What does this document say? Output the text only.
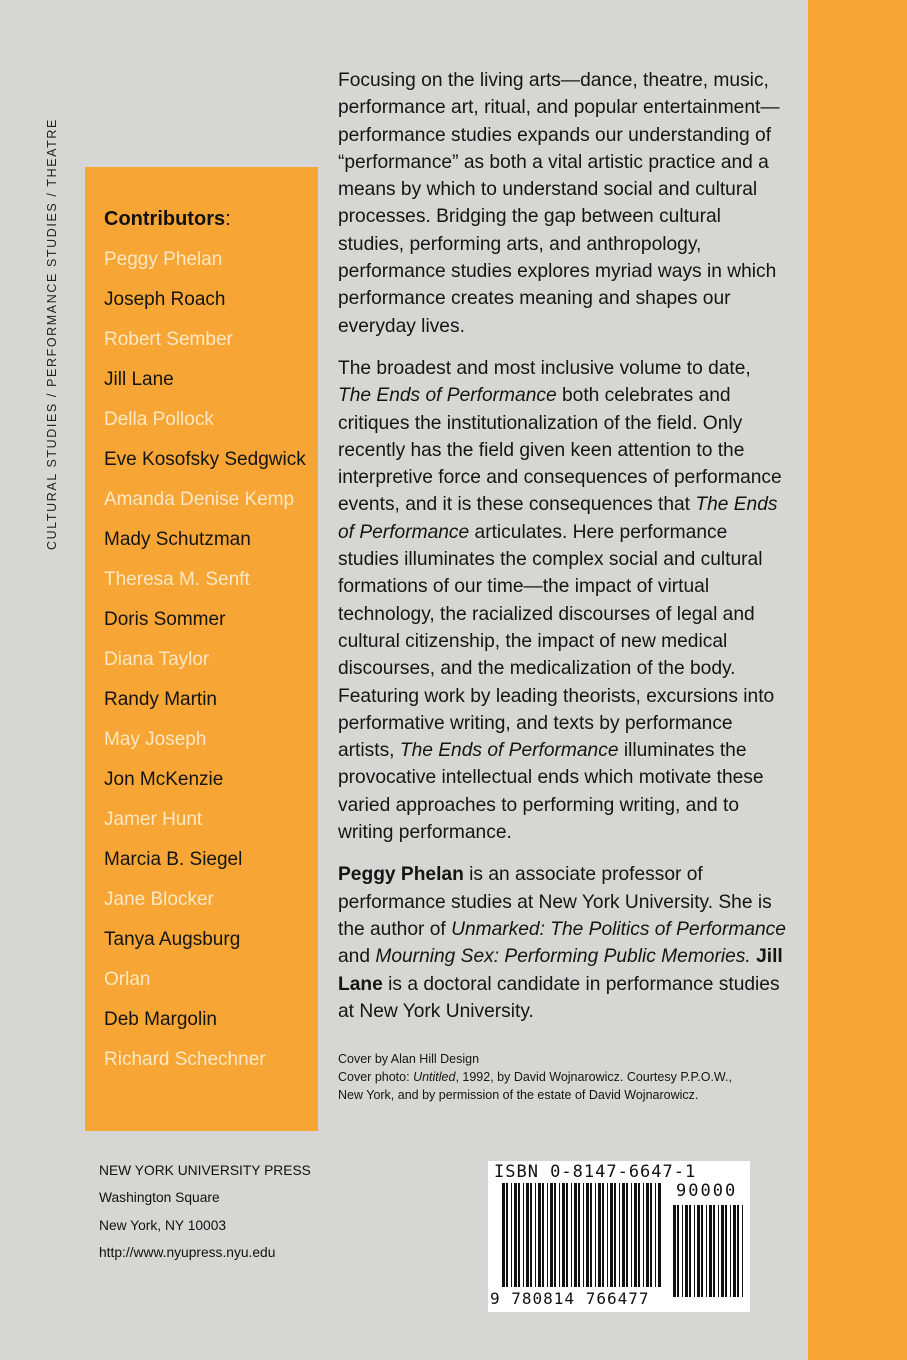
CULTURAL STUDIES / PERFORMANCE STUDIES / THEATRE Contributors:
Peggy Phelan
Joseph Roach
Robert Sember
Jill Lane
Della Pollock
Eve Kosofsky Sedgwick
Amanda Denise Kemp
Mady Schutzman
Theresa M. Senft
Doris Sommer
Diana Taylor
Randy Martin
May Joseph
Jon McKenzie
Jamer Hunt
Marcia B. Siegel
Jane Blocker
Tanya Augsburg
Orlan
Deb Margolin
Richard Schechner

Focusing on the living arts—dance, theatre, music, performance art, ritual, and popular entertainment—performance studies expands our understanding of “performance” as both a vital artistic practice and a means by which to understand social and cultural processes. Bridging the gap between cultural studies, performing arts, and anthropology, performance studies explores myriad ways in which performance creates meaning and shapes our everyday lives.

The broadest and most inclusive volume to date, The Ends of Performance both celebrates and critiques the institutionalization of the field. Only recently has the field given keen attention to the interpretive force and consequences of performance events, and it is these consequences that The Ends of Performance articulates. Here performance studies illuminates the complex social and cultural formations of our time—the impact of virtual technology, the racialized discourses of legal and cultural citizenship, the impact of new medical discourses, and the medicalization of the body. Featuring work by leading theorists, excursions into performative writing, and texts by performance artists, The Ends of Performance illuminates the provocative intellectual ends which motivate these varied approaches to performing writing, and to writing performance.

Peggy Phelan is an associate professor of performance studies at New York University. She is the author of Unmarked: The Politics of Performance and Mourning Sex: Performing Public Memories. Jill Lane is a doctoral candidate in performance studies at New York University.

Cover by Alan Hill Design
Cover photo: Untitled, 1992, by David Wojnarowicz. Courtesy P.P.O.W.,
New York, and by permission of the estate of David Wojnarowicz.
NEW YORK UNIVERSITY PRESS
Washington Square
New York, NY 10003
http://www.nyupress.nyu.edu
ISBN 0-8147-6647-1
90000
9 780814 766477
